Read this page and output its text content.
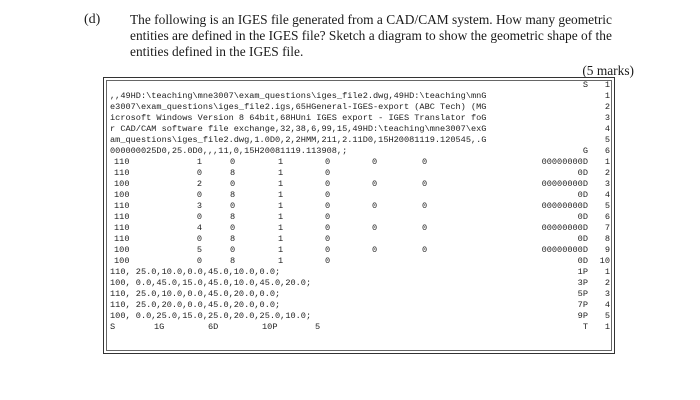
(d) The following is an IGES file generated from a CAD/CAM system. How many geometric entities are defined in the IGES file? Sketch a diagram to show the geometric shape of the entities defined in the IGES file.
(5 marks)
S	1
,,49HD:\teaching\mne3007\exam_questions\iges_file2.dwg,49HD:\teaching\mnG	1
e3007\exam_questions\iges_file2.igs,65HGeneral-IGES-export (ABC Tech) (MG	2
icrosoft Windows Version 8 64bit,68HUni IGES export - IGES Translator foG	3
r CAD/CAM software file exchange,32,38,6,99,15,49HD:\teaching\mne3007\exG	4
am_questions\iges_file2.dwg,1.0D0,2,2HMM,211,2.11D0,15H20081119.120545,.G	5
000000025D0,25.0D0,,,11,0,15H20081119.113908,;	G	6
110	1	0	1	0	0	0	00000000D	1
110	0	8	1	0	0D	2
100	2	0	1	0	0	0	00000000D	3
100	0	8	1	0	0D	4
110	3	0	1	0	0	0	00000000D	5
110	0	8	1	0	0D	6
110	4	0	1	0	0	0	00000000D	7
110	0	8	1	0	0D	8
100	5	0	1	0	0	0	00000000D	9
100	0	8	1	0	0D	10
110, 25.0,10.0,0.0,45.0,10.0,0.0;	1P	1
100, 0.0,45.0,15.0,45.0,10.0,45.0,20.0;	3P	2
110, 25.0,10.0,0.0,45.0,20.0,0.0;	5P	3
110, 25.0,20.0,0.0,45.0,20.0,0.0;	7P	4
100, 0.0,25.0,15.0,25.0,20.0,25.0,10.0;	9P	5
S	1G	6D	10P	5	T	1
